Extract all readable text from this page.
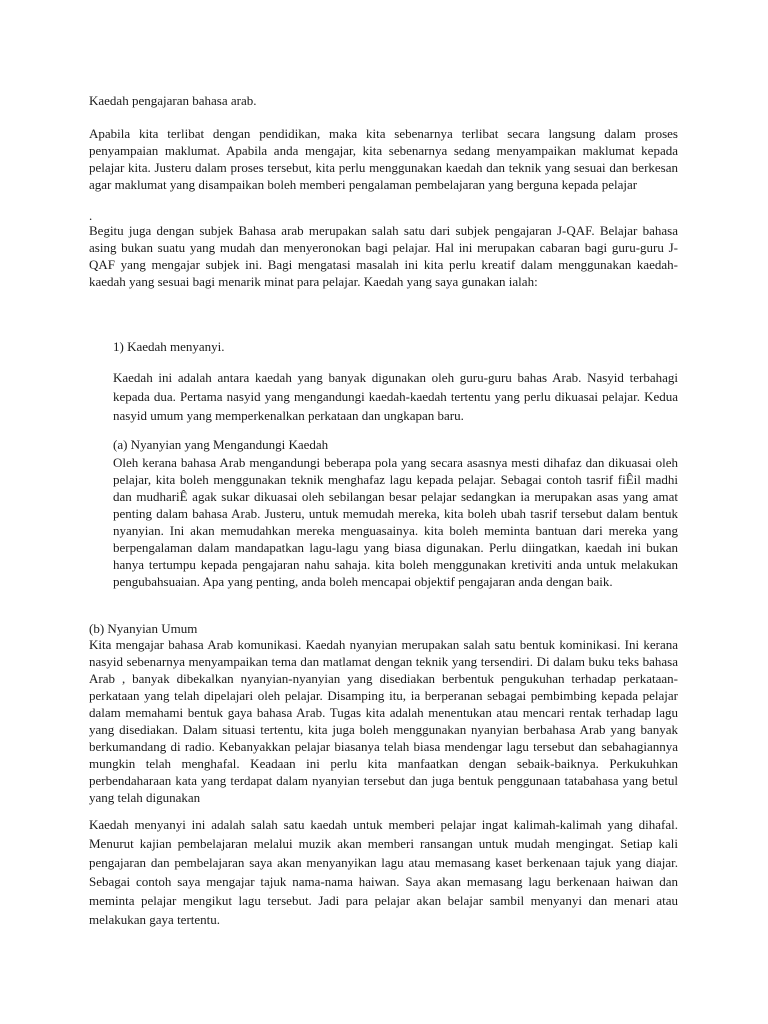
Kaedah pengajaran bahasa arab.

Apabila kita terlibat dengan pendidikan, maka kita sebenarnya terlibat secara langsung dalam proses penyampaian maklumat. Apabila anda mengajar, kita sebenarnya sedang menyampaikan maklumat kepada pelajar kita. Justeru dalam proses tersebut, kita perlu menggunakan kaedah dan teknik yang sesuai dan berkesan agar maklumat yang disampaikan boleh memberi pengalaman pembelajaran yang berguna kepada pelajar

.

Begitu juga dengan subjek Bahasa arab merupakan salah satu dari subjek pengajaran J-QAF. Belajar bahasa asing bukan suatu yang mudah dan menyeronokan bagi pelajar. Hal ini merupakan cabaran bagi guru-guru J-QAF yang mengajar subjek ini. Bagi mengatasi masalah ini kita perlu kreatif dalam menggunakan kaedah-kaedah yang sesuai bagi menarik minat para pelajar. Kaedah yang saya gunakan ialah:

1) Kaedah menyanyi.

Kaedah ini adalah antara kaedah yang banyak digunakan oleh guru-guru bahas Arab. Nasyid terbahagi kepada dua. Pertama nasyid yang mengandungi kaedah-kaedah tertentu yang perlu dikuasai pelajar. Kedua nasyid umum yang memperkenalkan perkataan dan ungkapan baru.

(a) Nyanyian yang Mengandungi Kaedah

Oleh kerana bahasa Arab mengandungi beberapa pola yang secara asasnya mesti dihafaz dan dikuasai oleh pelajar, kita boleh menggunakan teknik menghafaz lagu kepada pelajar. Sebagai contoh tasrif fiÊil madhi dan mudhariÊ agak sukar dikuasai oleh sebilangan besar pelajar sedangkan ia merupakan asas yang amat penting dalam bahasa Arab. Justeru, untuk memudah mereka, kita boleh ubah tasrif tersebut dalam bentuk nyanyian. Ini akan memudahkan mereka menguasainya. kita boleh meminta bantuan dari mereka yang berpengalaman dalam mandapatkan lagu-lagu yang biasa digunakan. Perlu diingatkan, kaedah ini bukan hanya tertumpu kepada pengajaran nahu sahaja. kita boleh menggunakan kretiviti anda untuk melakukan pengubahsuaian. Apa yang penting, anda boleh mencapai objektif pengajaran anda dengan baik.

(b) Nyanyian Umum

Kita mengajar bahasa Arab komunikasi. Kaedah nyanyian merupakan salah satu bentuk kominikasi. Ini kerana nasyid sebenarnya menyampaikan tema dan matlamat dengan teknik yang tersendiri. Di dalam buku teks bahasa Arab , banyak dibekalkan nyanyian-nyanyian yang disediakan berbentuk pengukuhan terhadap perkataan-perkataan yang telah dipelajari oleh pelajar. Disamping itu, ia berperanan sebagai pembimbing kepada pelajar dalam memahami bentuk gaya bahasa Arab. Tugas kita adalah menentukan atau mencari rentak terhadap lagu yang disediakan. Dalam situasi tertentu, kita juga boleh menggunakan nyanyian berbahasa Arab yang banyak berkumandang di radio. Kebanyakkan pelajar biasanya telah biasa mendengar lagu tersebut dan sebahagiannya mungkin telah menghafal. Keadaan ini perlu kita manfaatkan dengan sebaik-baiknya. Perkukuhkan perbendaharaan kata yang terdapat dalam nyanyian tersebut dan juga bentuk penggunaan tatabahasa yang betul yang telah digunakan

Kaedah menyanyi ini adalah salah satu kaedah untuk memberi pelajar ingat kalimah-kalimah yang dihafal. Menurut kajian pembelajaran melalui muzik akan memberi ransangan untuk mudah mengingat. Setiap kali pengajaran dan pembelajaran saya akan menyanyikan lagu atau memasang kaset berkenaan tajuk yang diajar. Sebagai contoh saya mengajar tajuk nama-nama haiwan. Saya akan memasang lagu berkenaan haiwan dan meminta pelajar mengikut lagu tersebut. Jadi para pelajar akan belajar sambil menyanyi dan menari atau melakukan gaya tertentu.
